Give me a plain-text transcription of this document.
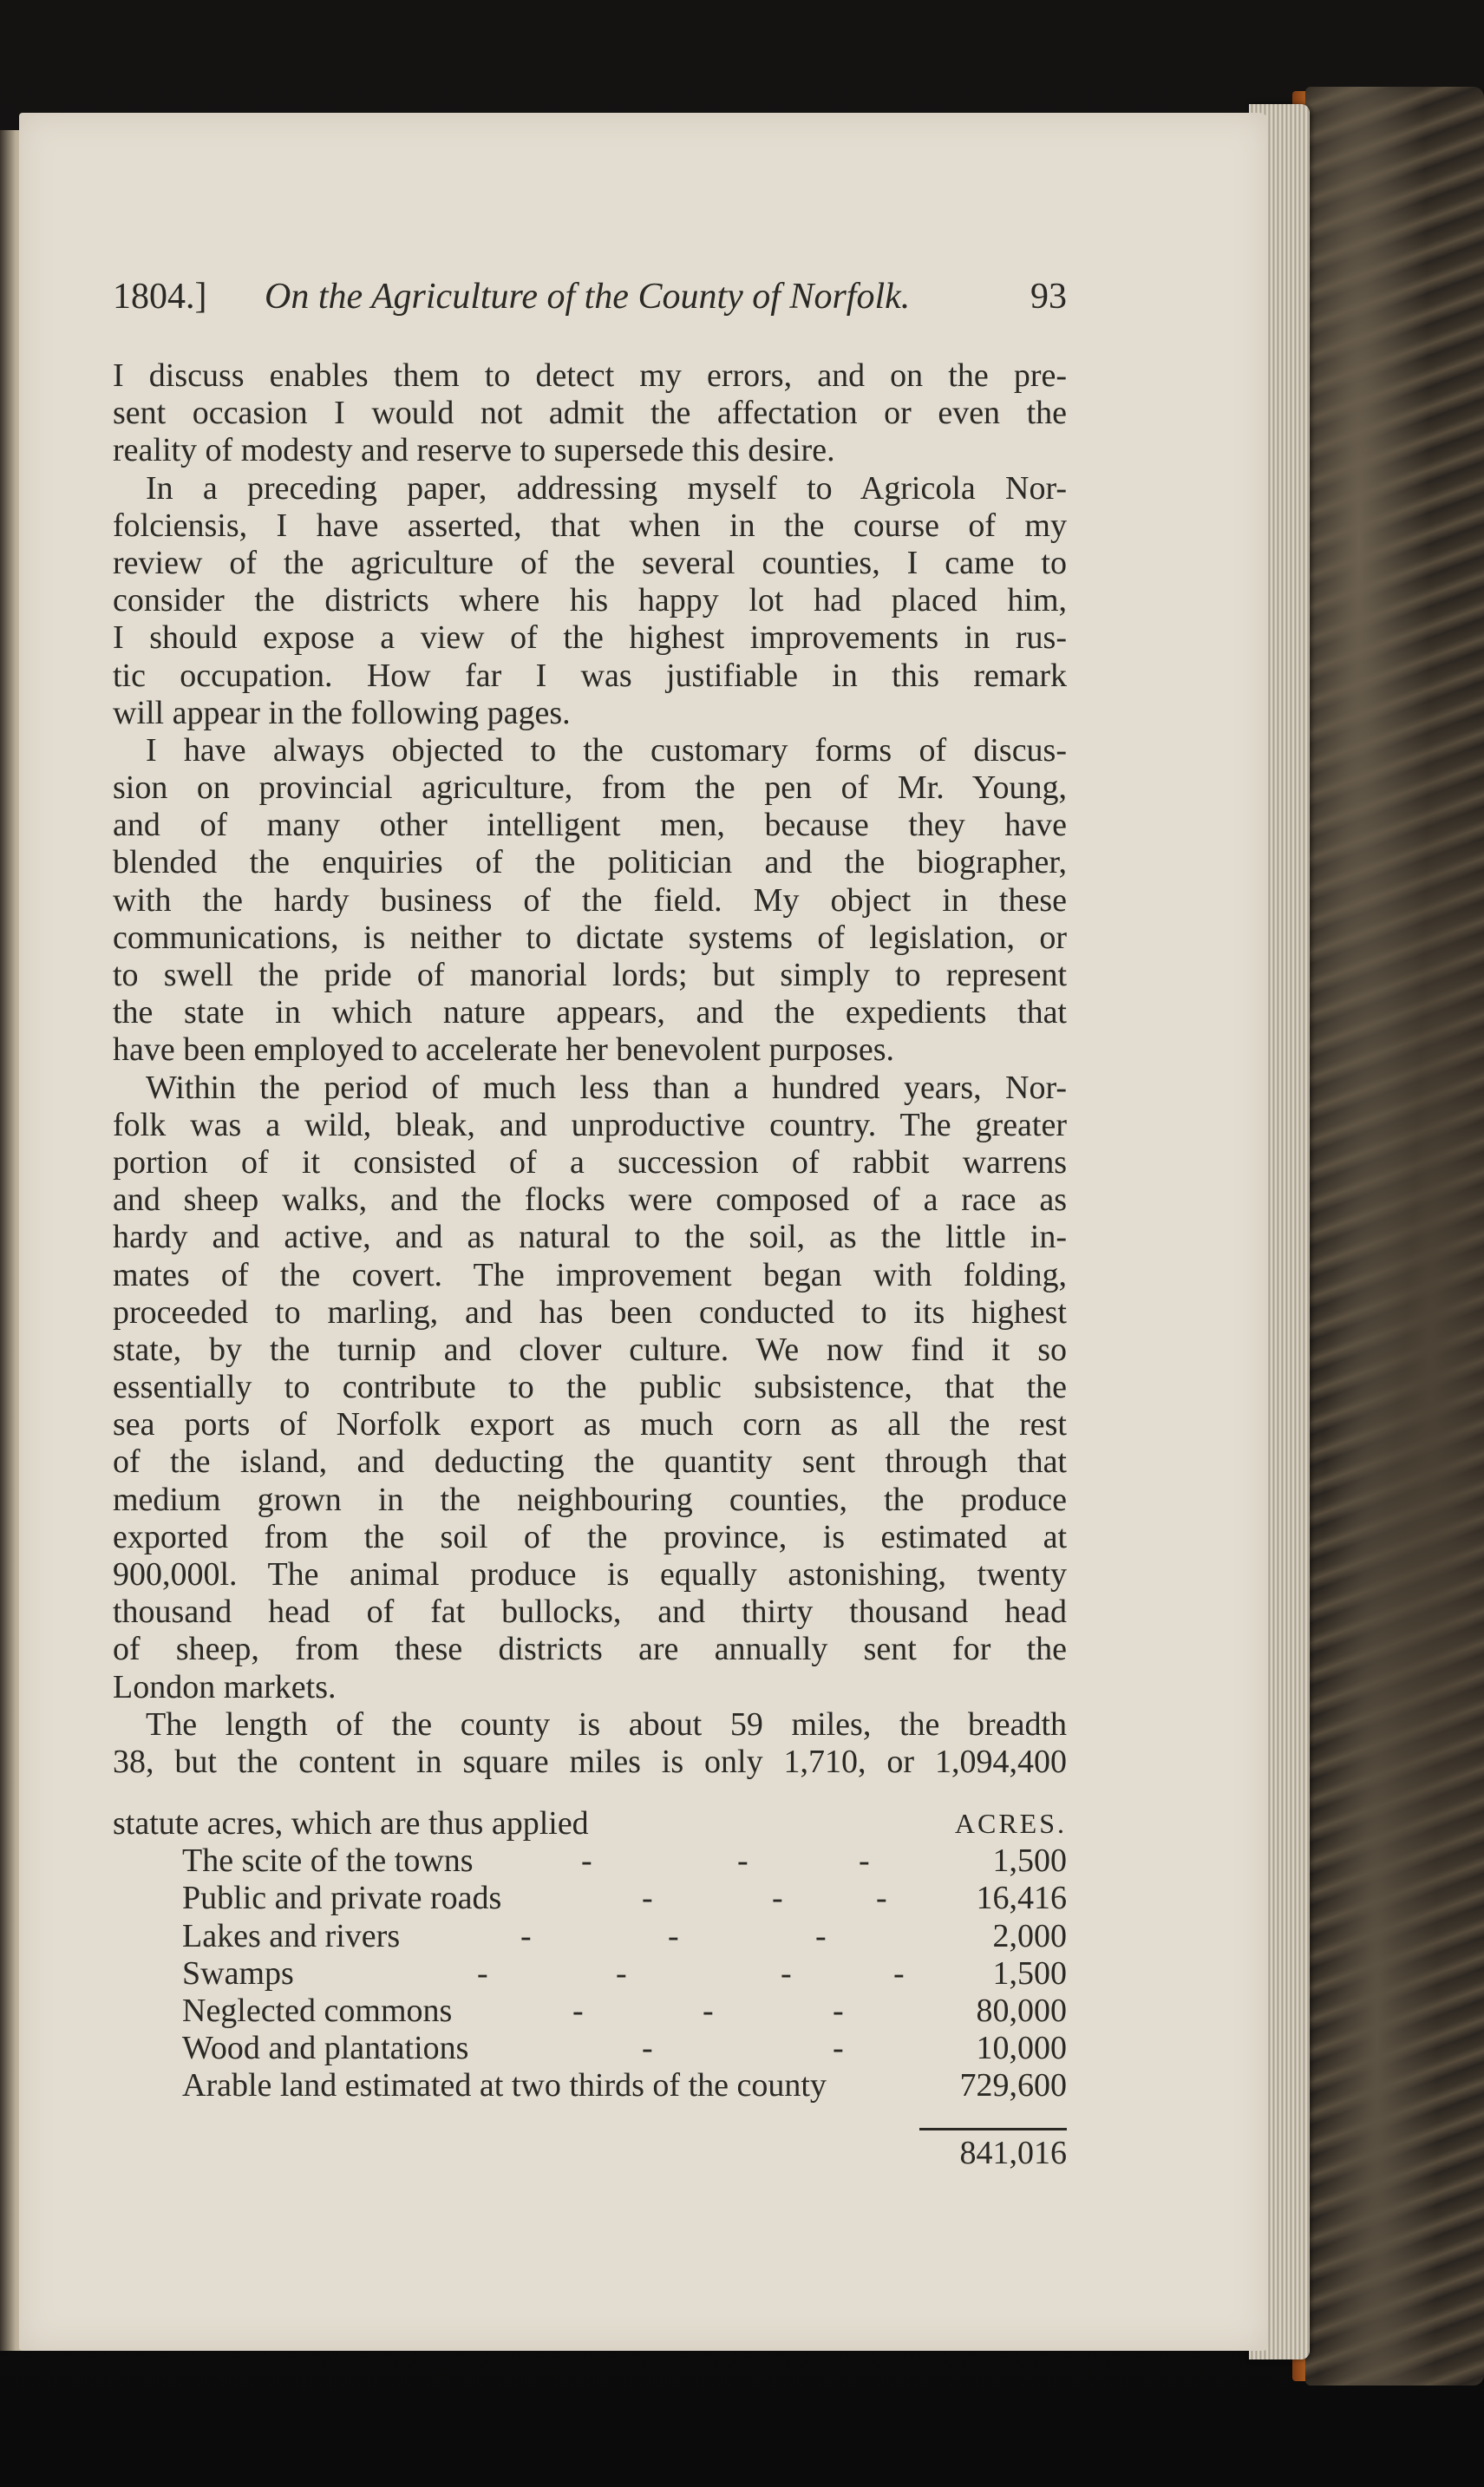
1804.] On the Agriculture of the County of Norfolk.	93
I discuss enables them to detect my errors, and on the pre-
sent occasion I would not admit the affectation or even the
reality of modesty and reserve to supersede this desire.
In a preceding paper, addressing myself to Agricola Nor-
folciensis, I have asserted, that when in the course of my
review of the agriculture of the several counties, I came to
consider the districts where his happy lot had placed him,
I should expose a view of the highest improvements in rus-
tic occupation. How far I was justifiable in this remark
will appear in the following pages.
I have always objected to the customary forms of discus-
sion on provincial agriculture, from the pen of Mr. Young,
and of many other intelligent men, because they have
blended the enquiries of the politician and the biographer,
with the hardy business of the field. My object in these
communications, is neither to dictate systems of legislation, or
to swell the pride of manorial lords; but simply to represent
the state in which nature appears, and the expedients that
have been employed to accelerate her benevolent purposes.
Within the period of much less than a hundred years, Nor-
folk was a wild, bleak, and unproductive country. The greater
portion of it consisted of a succession of rabbit warrens
and sheep walks, and the flocks were composed of a race as
hardy and active, and as natural to the soil, as the little in-
mates of the covert. The improvement began with folding,
proceeded to marling, and has been conducted to its highest
state, by the turnip and clover culture. We now find it so
essentially to contribute to the public subsistence, that the
sea ports of Norfolk export as much corn as all the rest
of the island, and deducting the quantity sent through that
medium grown in the neighbouring counties, the produce
exported from the soil of the province, is estimated at
900,000l. The animal produce is equally astonishing, twenty
thousand head of fat bullocks, and thirty thousand head
of sheep, from these districts are annually sent for the
London markets.
The length of the county is about 59 miles, the breadth
38, but the content in square miles is only 1,710, or 1,094,400
statute acres, which are thus applied	ACRES.
The scite of the towns	-	-	-	1,500
Public and private roads	-	-	-	16,416
Lakes and rivers	-	-	-	2,000
Swamps	-	-	-	-	1,500
Neglected commons	-	-	-	80,000
Wood and plantations	-	-	10,000
Arable land estimated at two thirds of the county	729,600
841,016
